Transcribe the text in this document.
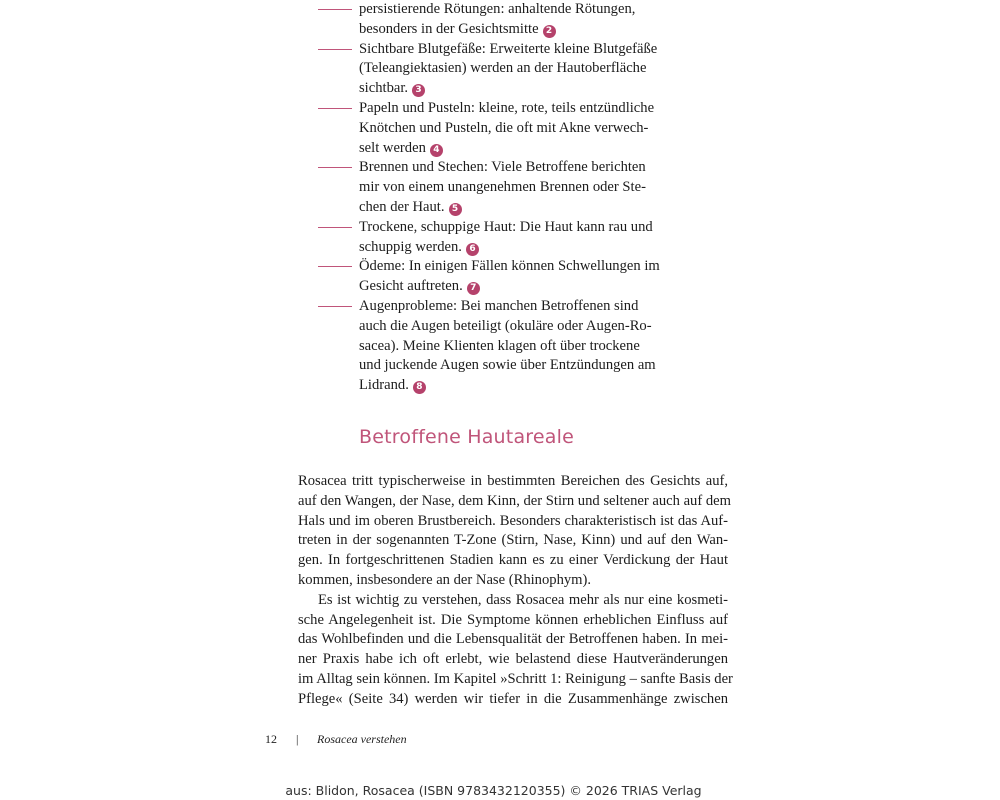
persistierende Rötungen: anhaltende Rötungen,
besonders in der Gesichtsmitte 2
Sichtbare Blutgefäße: Erweiterte kleine Blutgefäße
(Teleangiektasien) werden an der Hautoberfläche
sichtbar. 3
Papeln und Pusteln: kleine, rote, teils entzündliche
Knötchen und Pusteln, die oft mit Akne verwech-
selt werden 4
Brennen und Stechen: Viele Betroffene berichten
mir von einem unangenehmen Brennen oder Ste-
chen der Haut. 5
Trockene, schuppige Haut: Die Haut kann rau und
schuppig werden. 6
Ödeme: In einigen Fällen können Schwellungen im
Gesicht auftreten. 7
Augenprobleme: Bei manchen Betroffenen sind
auch die Augen beteiligt (okuläre oder Augen-Ro-
sacea). Meine Klienten klagen oft über trockene
und juckende Augen sowie über Entzündungen am
Lidrand. 8
Betroffene Hautareale
Rosacea tritt typischerweise in bestimmten Bereichen des Gesichts auf,
auf den Wangen, der Nase, dem Kinn, der Stirn und seltener auch auf dem
Hals und im oberen Brustbereich. Besonders charakteristisch ist das Auf-
treten in der sogenannten T-Zone (Stirn, Nase, Kinn) und auf den Wan-
gen. In fortgeschrittenen Stadien kann es zu einer Verdickung der Haut
kommen, insbesondere an der Nase (Rhinophym).
Es ist wichtig zu verstehen, dass Rosacea mehr als nur eine kosmeti-
sche Angelegenheit ist. Die Symptome können erheblichen Einfluss auf
das Wohlbefinden und die Lebensqualität der Betroffenen haben. In mei-
ner Praxis habe ich oft erlebt, wie belastend diese Hautveränderungen
im Alltag sein können. Im Kapitel »Schritt 1: Reinigung – sanfte Basis der
Pflege« (Seite 34) werden wir tiefer in die Zusammenhänge zwischen
12 | Rosacea verstehen
aus: Blidon, Rosacea (ISBN 9783432120355) © 2026 TRIAS Verlag
